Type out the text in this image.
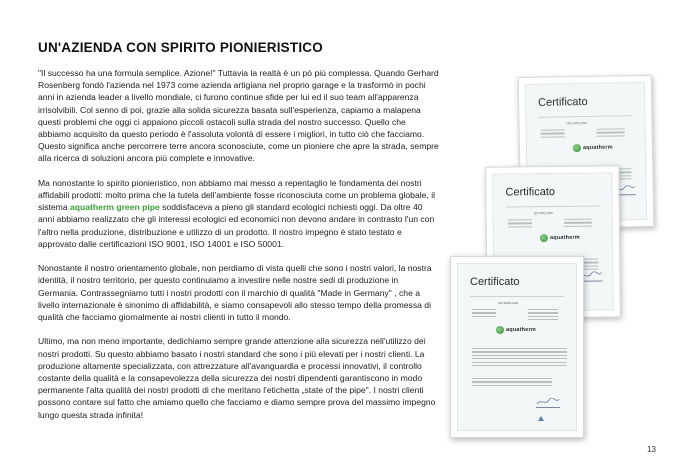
UN'AZIENDA CON SPIRITO PIONIERISTICO

"Il successo ha una formula semplice. Azione!" Tuttavia la realtà è un pò più complessa. Quando Gerhard Rosenberg fondò l'azienda nel 1973 come azienda artigiana nel proprio garage e la trasformò in pochi anni in azienda leader a livello mondiale, ci furono continue sfide per lui ed il suo team all'apparenza irrisolvibili. Col senno di poi, grazie alla solida sicurezza basata sull'esperienza, capiamo a malapena questi problemi che oggi ci appaiono piccoli ostacoli sulla strada del nostro successo. Quello che abbiamo acquisito da questo periodo è l'assoluta volontà di essere i migliori, in tutto ciò che facciamo. Questo significa anche percorrere terre ancora sconosciute, come un pioniere che apre la strada, sempre alla ricerca di soluzioni ancora più complete e innovative.

Ma nonostante lo spirito pionieristico, non abbiamo mai messo a repentaglio le fondamenta dei nostri affidabili prodotti: molto prima che la tutela dell'ambiente fosse riconosciuta come un problema globale, il sistema aquatherm green pipe soddisfaceva a pieno gli standard ecologici richiesti oggi. Da oltre 40 anni abbiamo realizzato che gli interessi ecologici ed economici non devono andare in contrasto l'un con l'altro nella produzione, distribuzione e utilizzo di un prodotto. Il nostro impegno è stato testato e approvato dalle certificazioni ISO 9001, ISO 14001 e ISO 50001.

Nonostante il nostro orientamento globale, non perdiamo di vista quelli che sono i nostri valori, la nostra identità, il nostro territorio, per questo continuiamo a investire nelle nostre sedi di produzione in Germania. Contrassegniamo tutti i nostri prodotti con il marchio di qualità "Made in Germany" , che a livello internazionale è sinonimo di affidabilità, e siamo consapevoli allo stesso tempo della promessa di qualità che facciamo giornalmente ai nostri clienti in tutto il mondo.

Ultimo, ma non meno importante, dedichiamo sempre grande attenzione alla sicurezza nell'utilizzo dei nostri prodotti. Su questo abbiamo basato i nostri standard che sono i più elevati per i nostri clienti. La produzione altamente specializzata, con attrezzature all'avanguardia e processi innovativi, il controllo costante della qualità e la consapevolezza della sicurezza dei nostri dipendenti garantiscono in modo permanente l'alta qualità dei nostri prodotti di che meritano l'etichetta „state of the pipe". I nostri clienti possono contare sul fatto che amiamo quello che facciamo e diamo sempre prova del massimo impegno lungo questa strada infinita!

Certificato
ISO 14001:2004
aquatherm
Certificato
ISO 9001:2008
aquatherm
Certificato
ISO 50001:2011
aquatherm
13
